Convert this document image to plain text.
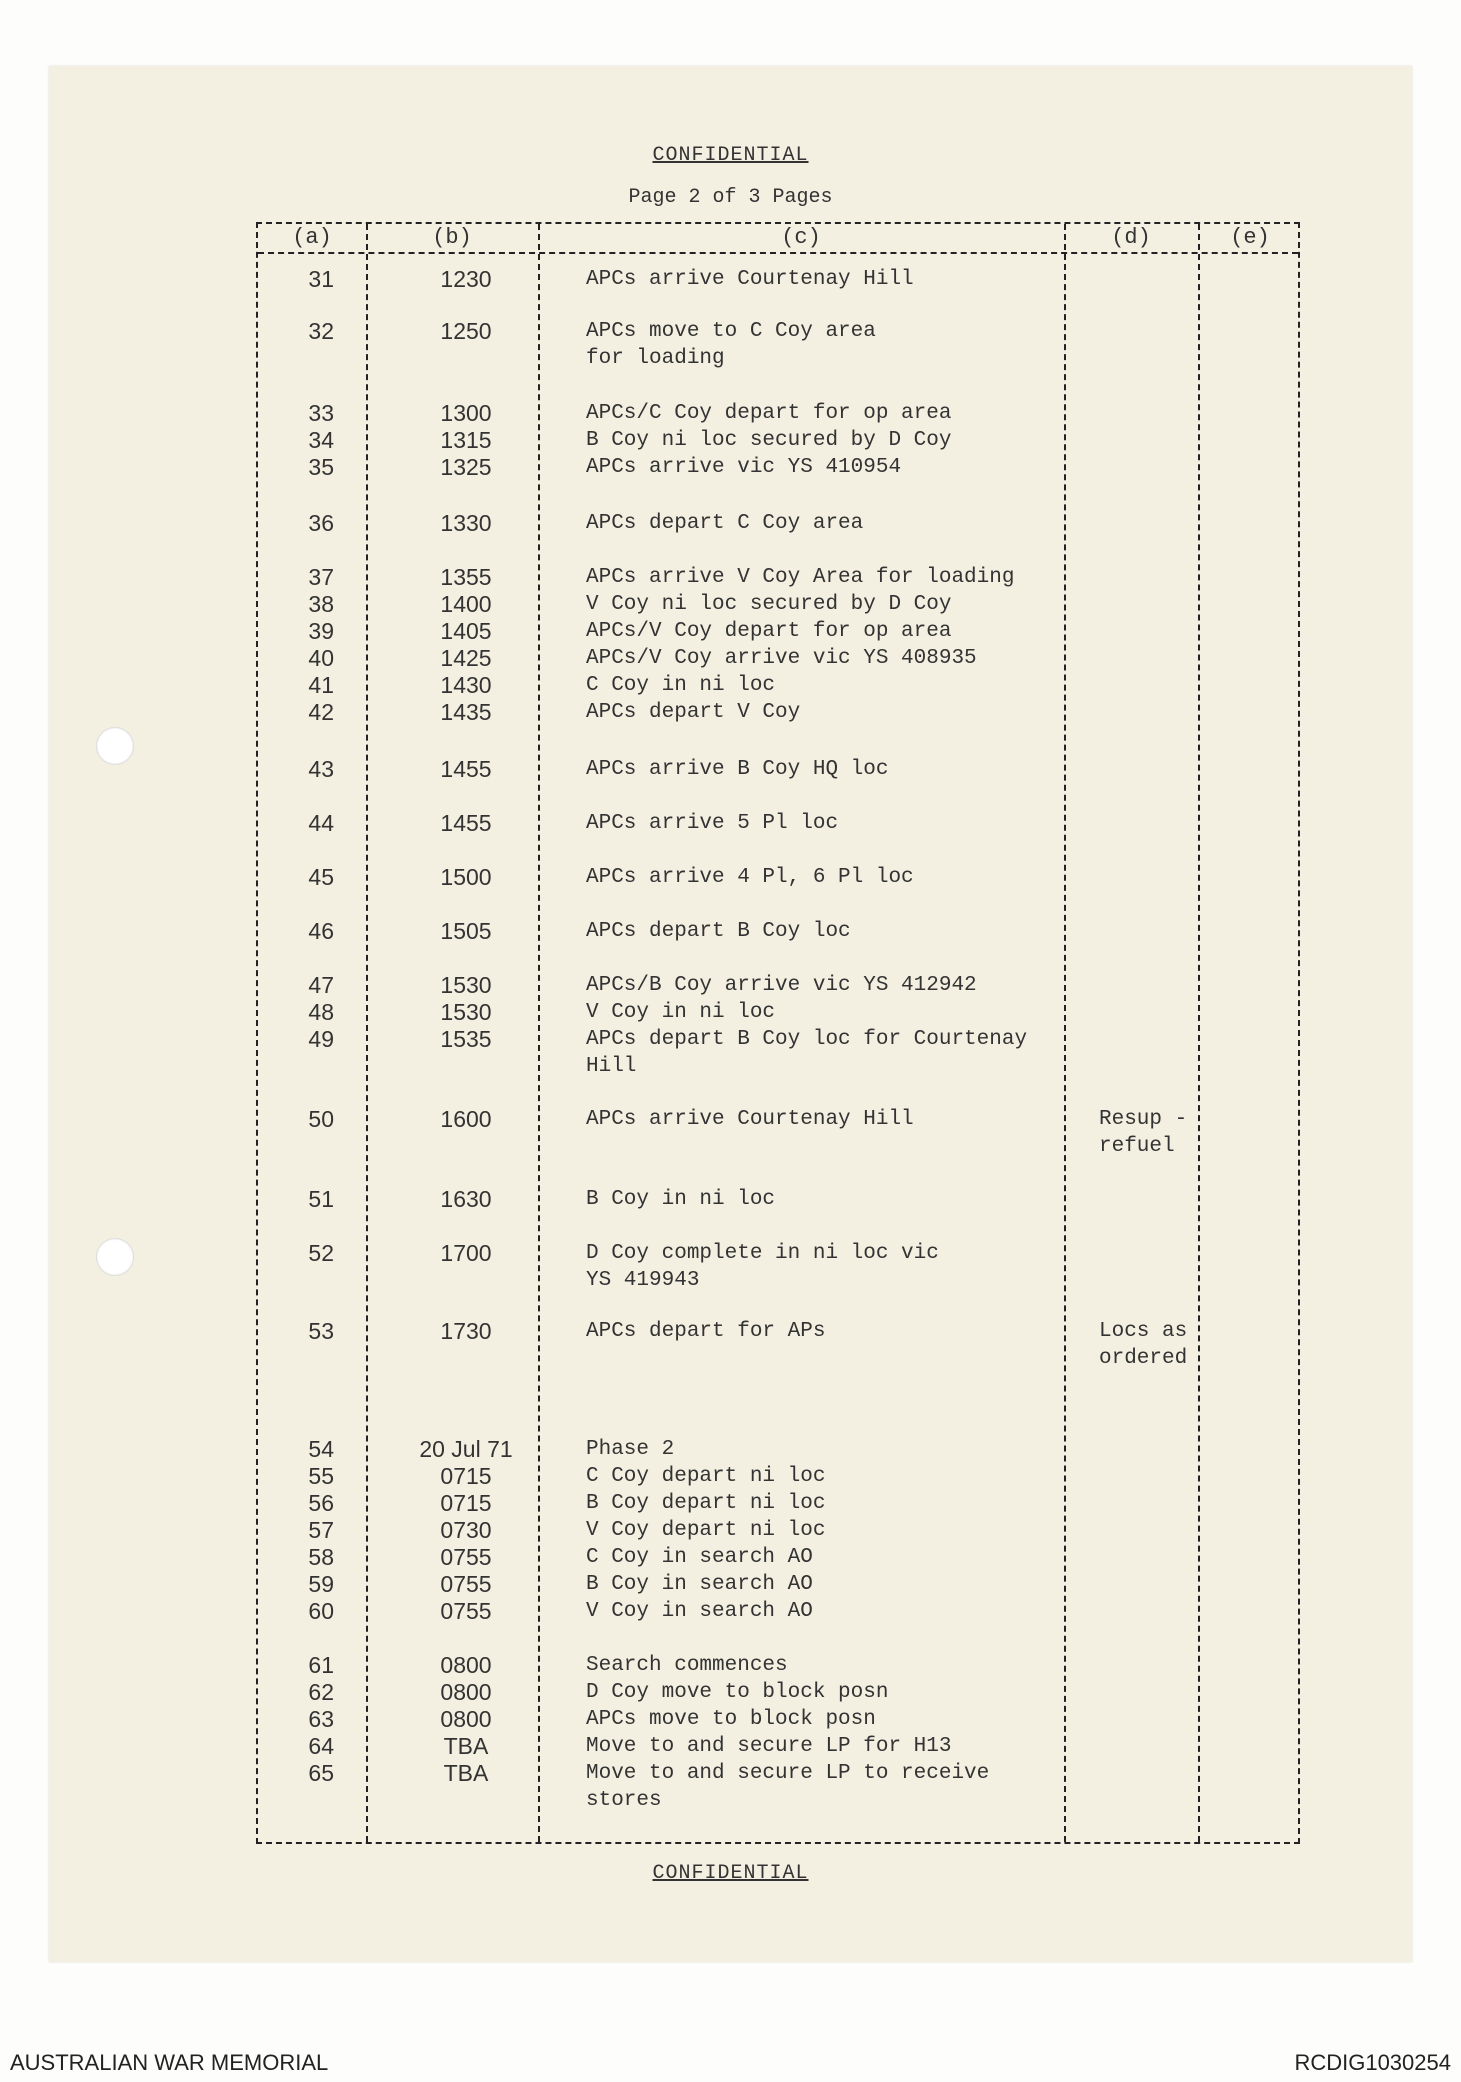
CONFIDENTIAL
Page 2 of 3 Pages
(a)	(b)	(c)	(d)	(e)
31	1230	APCs arrive Courtenay Hill
32	1250	APCs move to C Coy area
for loading
33	1300	APCs/C Coy depart for op area
34	1315	B Coy ni loc secured by D Coy
35	1325	APCs arrive vic YS 410954
36	1330	APCs depart C Coy area
37	1355	APCs arrive V Coy Area for loading
38	1400	V Coy ni loc secured by D Coy
39	1405	APCs/V Coy depart for op area
40	1425	APCs/V Coy arrive vic YS 408935
41	1430	C Coy in ni loc
42	1435	APCs depart V Coy
43	1455	APCs arrive B Coy HQ loc
44	1455	APCs arrive 5 Pl loc
45	1500	APCs arrive 4 Pl, 6 Pl loc
46	1505	APCs depart B Coy loc
47	1530	APCs/B Coy arrive vic YS 412942
48	1530	V Coy in ni loc
49	1535	APCs depart B Coy loc for Courtenay
Hill
50	1600	APCs arrive Courtenay Hill	Resup -
refuel
51	1630	B Coy in ni loc
52	1700	D Coy complete in ni loc vic
YS 419943
53	1730	APCs depart for APs	Locs as
ordered
54	20 Jul 71	Phase 2
55	0715	C Coy depart ni loc
56	0715	B Coy depart ni loc
57	0730	V Coy depart ni loc
58	0755	C Coy in search AO
59	0755	B Coy in search AO
60	0755	V Coy in search AO
61	0800	Search commences
62	0800	D Coy move to block posn
63	0800	APCs move to block posn
64	TBA	Move to and secure LP for H13
65	TBA	Move to and secure LP to receive
stores
CONFIDENTIAL
AUSTRALIAN WAR MEMORIAL	RCDIG1030254
